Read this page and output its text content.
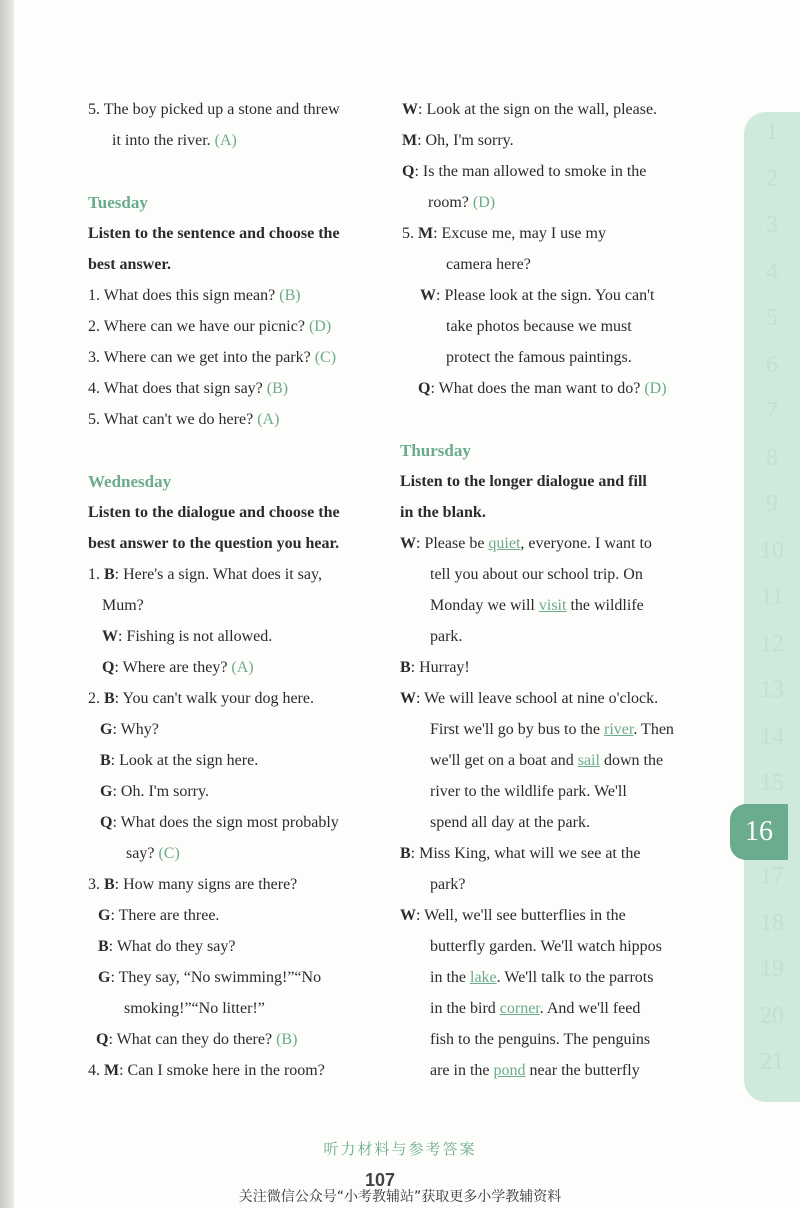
5. The boy picked up a stone and threw
it into the river. (A)
Tuesday
Listen to the sentence and choose the
best answer.
1. What does this sign mean? (B)
2. Where can we have our picnic? (D)
3. Where can we get into the park? (C)
4. What does that sign say? (B)
5. What can't we do here? (A)
Wednesday
Listen to the dialogue and choose the
best answer to the question you hear.
1. B: Here's a sign. What does it say,
Mum?
W: Fishing is not allowed.
Q: Where are they? (A)
2. B: You can't walk your dog here.
G: Why?
B: Look at the sign here.
G: Oh. I'm sorry.
Q: What does the sign most probably
say? (C)
3. B: How many signs are there?
G: There are three.
B: What do they say?
G: They say, “No swimming!”“No
smoking!”“No litter!”
Q: What can they do there? (B)
4. M: Can I smoke here in the room?
W: Look at the sign on the wall, please.
M: Oh, I'm sorry.
Q: Is the man allowed to smoke in the
room? (D)
5. M: Excuse me, may I use my
camera here?
W: Please look at the sign. You can't
take photos because we must
protect the famous paintings.
Q: What does the man want to do? (D)
Thursday
Listen to the longer dialogue and fill
in the blank.
W: Please be quiet, everyone. I want to
tell you about our school trip. On
Monday we will visit the wildlife
park.
B: Hurray!
W: We will leave school at nine o'clock.
First we'll go by bus to the river. Then
we'll get on a boat and sail down the
river to the wildlife park. We'll
spend all day at the park.
B: Miss King, what will we see at the
park?
W: Well, we'll see butterflies in the
butterfly garden. We'll watch hippos
in the lake. We'll talk to the parrots
in the bird corner. And we'll feed
fish to the penguins. The penguins
are in the pond near the butterfly
1
2
3
4
5
6
7
8
9
10
11
12
13
14
15
16
17
18
19
20
21
听力材料与参考答案
107
关注微信公众号“小考教辅站”获取更多小学教辅资料
